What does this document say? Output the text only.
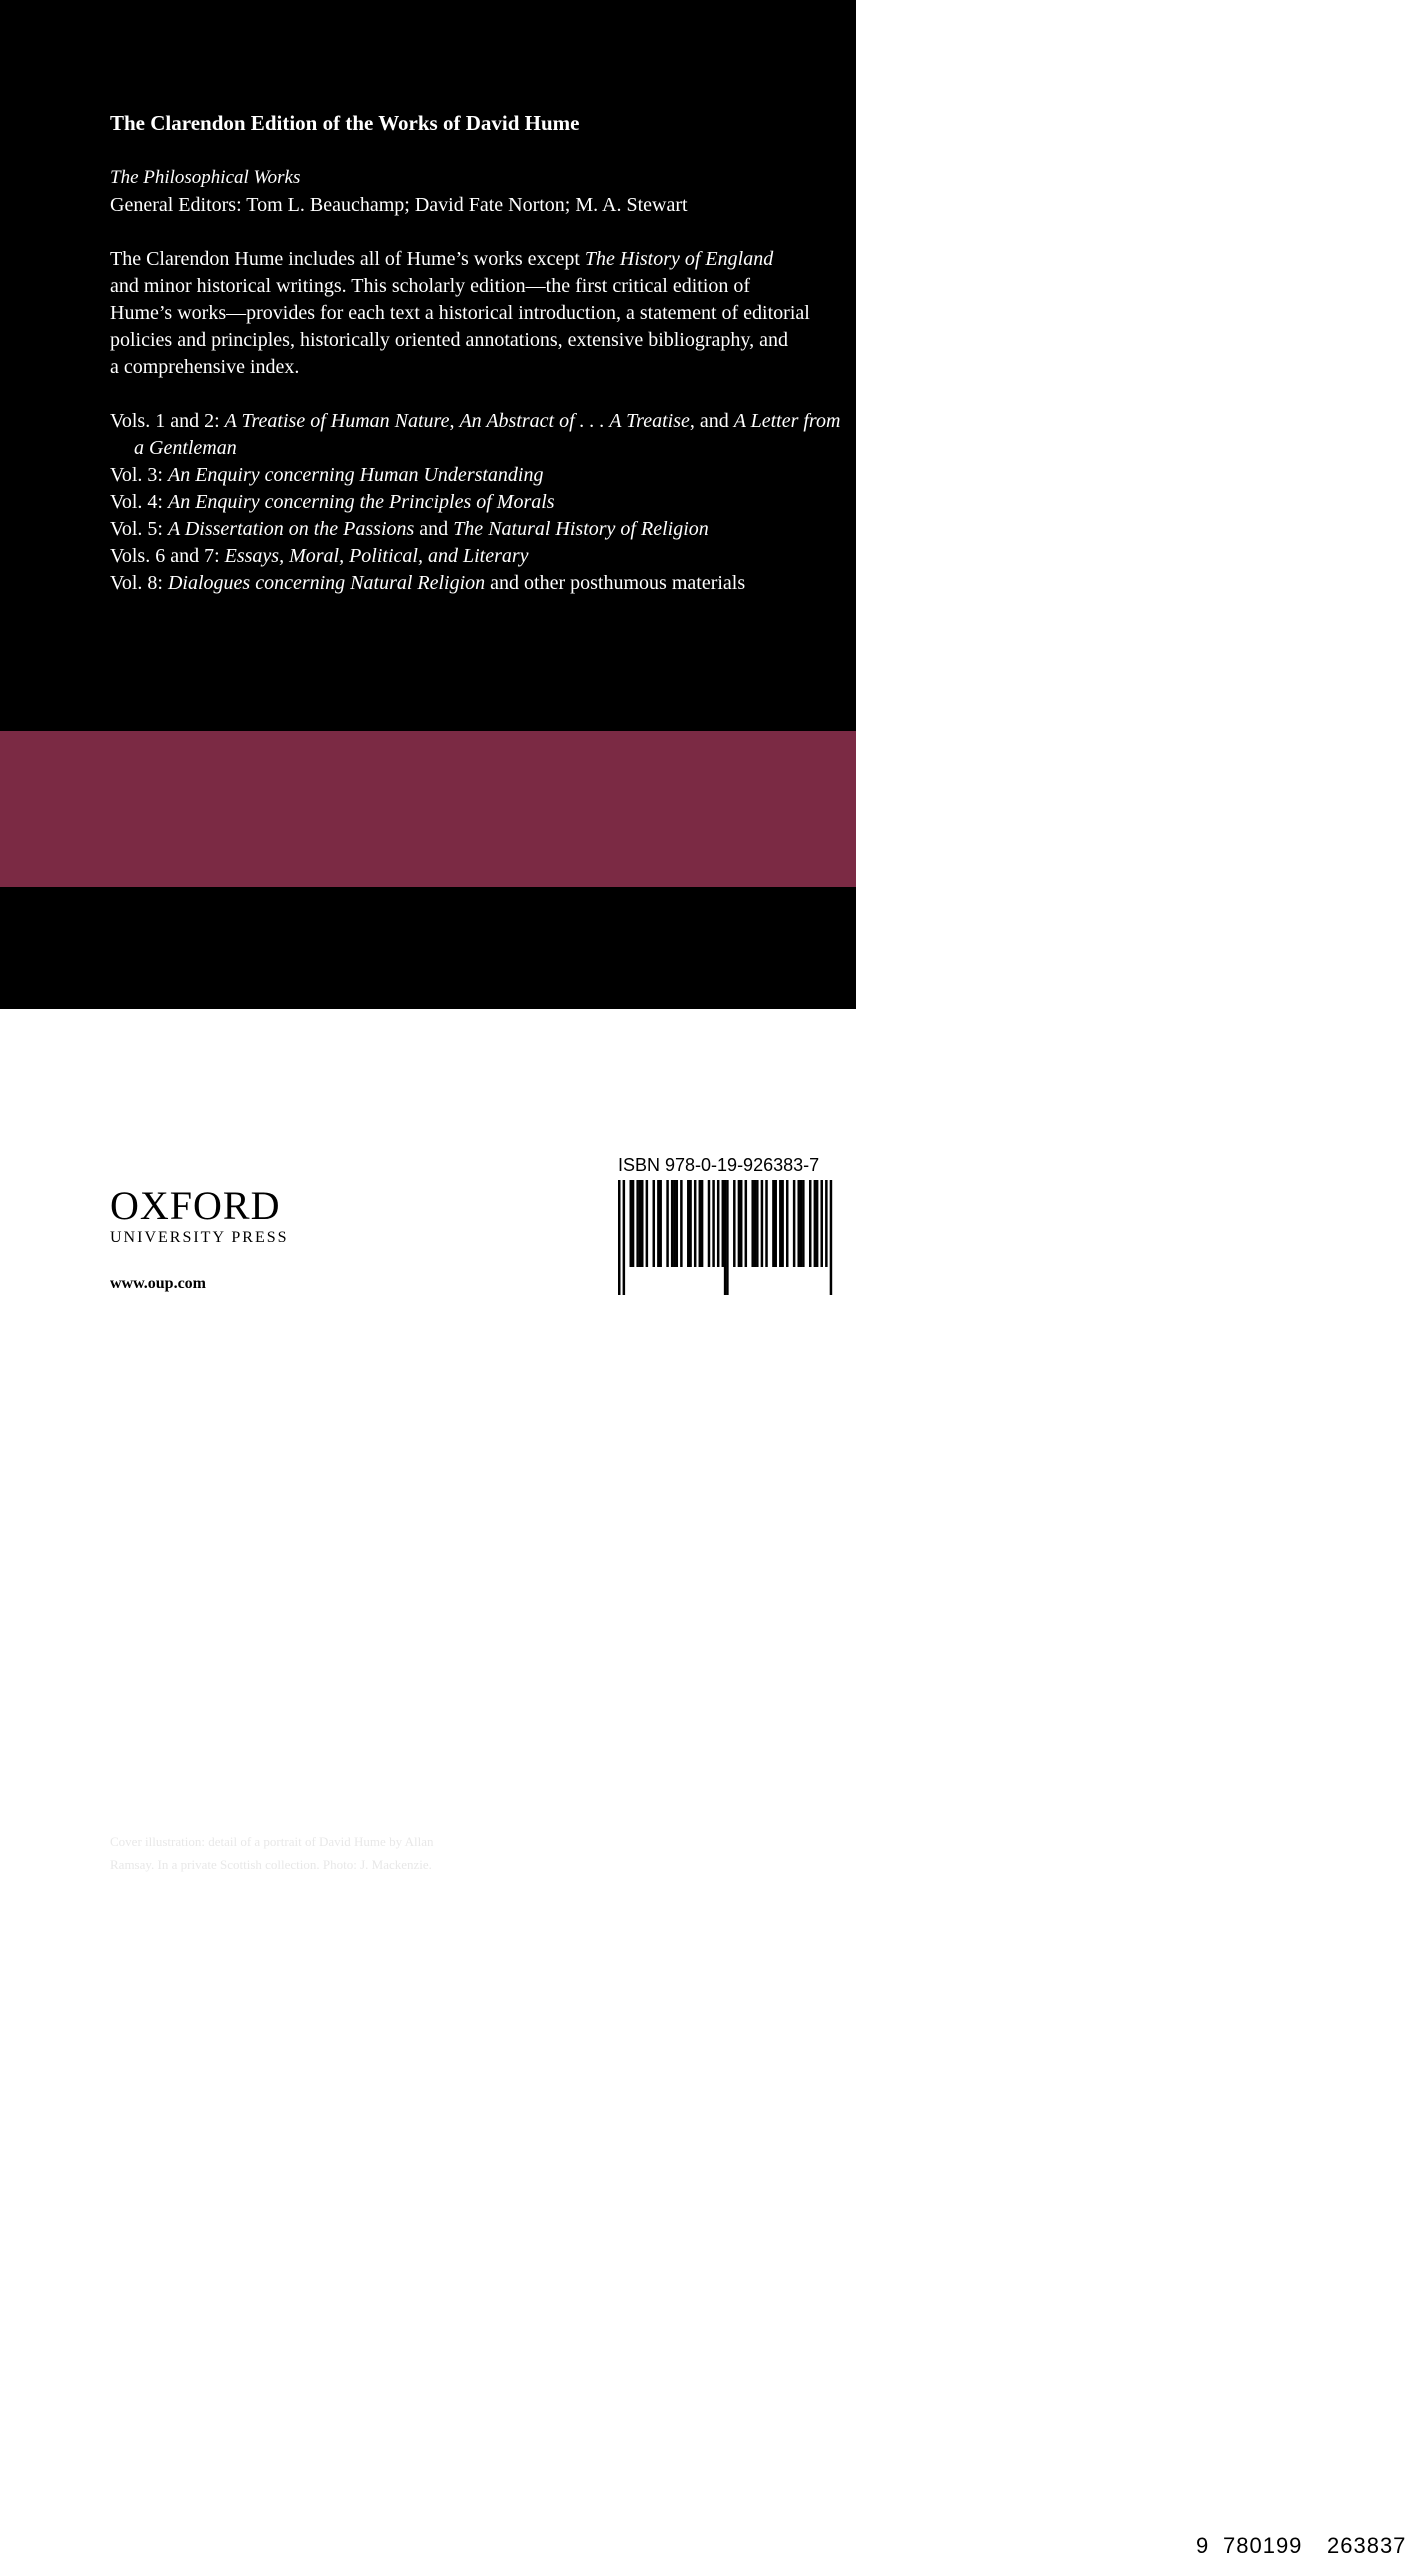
The Clarendon Edition of the Works of David Hume
The Philosophical Works
General Editors: Tom L. Beauchamp; David Fate Norton; M. A. Stewart
The Clarendon Hume includes all of Hume’s works except The History of England
and minor historical writings. This scholarly edition—the first critical edition of
Hume’s works—provides for each text a historical introduction, a statement of editorial
policies and principles, historically oriented annotations, extensive bibliography, and
a comprehensive index.
Vols. 1 and 2: A Treatise of Human Nature, An Abstract of . . . A Treatise, and A Letter from
a Gentleman
Vol. 3: An Enquiry concerning Human Understanding
Vol. 4: An Enquiry concerning the Principles of Morals
Vol. 5: A Dissertation on the Passions and The Natural History of Religion
Vols. 6 and 7: Essays, Moral, Political, and Literary
Vol. 8: Dialogues concerning Natural Religion and other posthumous materials
Cover illustration: detail of a portrait of David Hume by Allan
Ramsay. In a private Scottish collection. Photo: J. Mackenzie.
OXFORD
UNIVERSITY PRESS
www.oup.com
ISBN 978-0-19-926383-7
9 780199 263837
